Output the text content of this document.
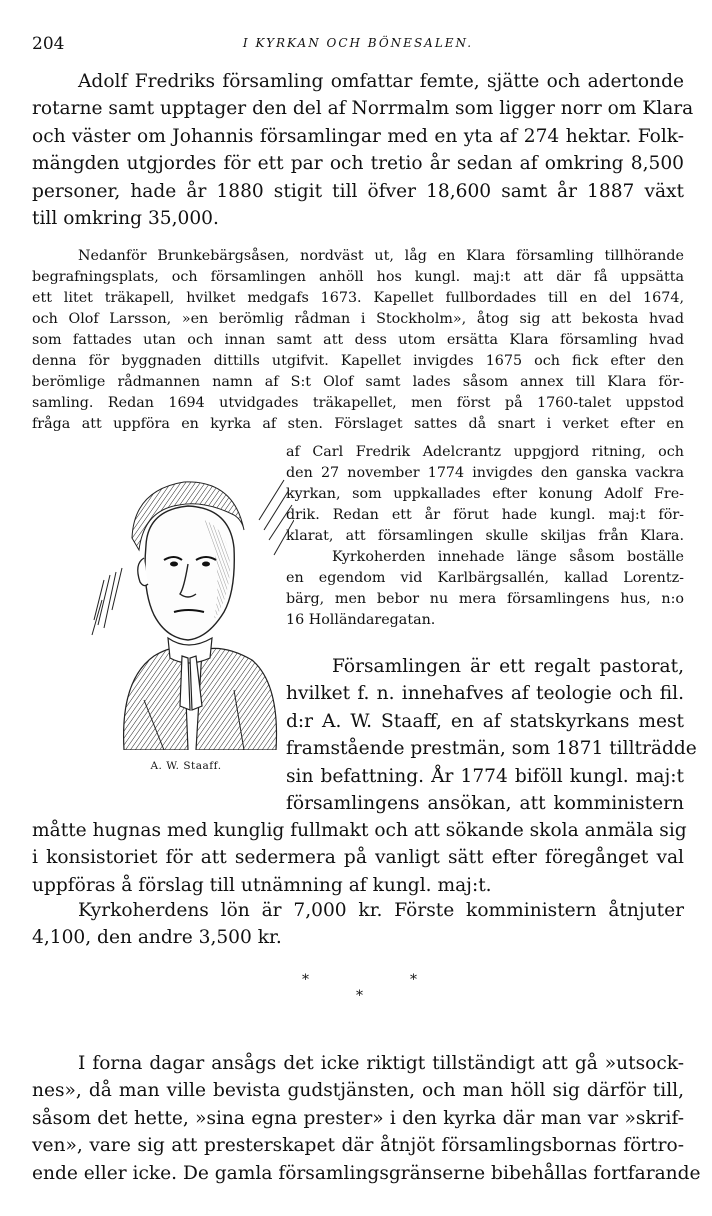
204	I KYRKAN OCH BÖNESALEN.
Adolf Fredriks församling omfattar femte, sjätte och adertonde
rotarne samt upptager den del af Norrmalm som ligger norr om Klara
och väster om Johannis församlingar med en yta af 274 hektar. Folk-
mängden utgjordes för ett par och tretio år sedan af omkring 8,500
personer, hade år 1880 stigit till öfver 18,600 samt år 1887 växt
till omkring 35,000.
Nedanför Brunkebärgsåsen, nordväst ut, låg en Klara församling tillhörande
begrafningsplats, och församlingen anhöll hos kungl. maj:t att där få uppsätta
ett litet träkapell, hvilket medgafs 1673. Kapellet fullbordades till en del 1674,
och Olof Larsson, »en berömlig rådman i Stockholm», åtog sig att bekosta hvad
som fattades utan och innan samt att dess utom ersätta Klara församling hvad
denna för byggnaden dittills utgifvit. Kapellet invigdes 1675 och fick efter den
berömlige rådmannen namn af S:t Olof samt lades såsom annex till Klara för-
samling. Redan 1694 utvidgades träkapellet, men först på 1760-talet uppstod
fråga att uppföra en kyrka af sten. Förslaget sattes då snart i verket efter en
af Carl Fredrik Adelcrantz uppgjord ritning, och
den 27 november 1774 invigdes den ganska vackra
kyrkan, som uppkallades efter konung Adolf Fre-
drik. Redan ett år förut hade kungl. maj:t för-
klarat, att församlingen skulle skiljas från Klara.
Kyrkoherden innehade länge såsom boställe
en egendom vid Karlbärgsallén, kallad Lorentz-
bärg, men bebor nu mera församlingens hus, n:o
16 Holländaregatan.
A. W. Staaff.
Församlingen är ett regalt pastorat,
hvilket f. n. innehafves af teologie och fil.
d:r A. W. Staaff, en af statskyrkans mest
framstående prestmän, som 1871 tillträdde
sin befattning. År 1774 biföll kungl. maj:t
församlingens ansökan, att komministern
måtte hugnas med kunglig fullmakt och att sökande skola anmäla sig
i konsistoriet för att sedermera på vanligt sätt efter föregånget val
uppföras å förslag till utnämning af kungl. maj:t.
Kyrkoherdens lön är 7,000 kr. Förste komministern åtnjuter
4,100, den andre 3,500 kr.
*	*
*
I forna dagar ansågs det icke riktigt tillständigt att gå »utsock-
nes», då man ville bevista gudstjänsten, och man höll sig därför till,
såsom det hette, »sina egna prester» i den kyrka där man var »skrif-
ven», vare sig att presterskapet där åtnjöt församlingsbornas förtro-
ende eller icke. De gamla församlingsgränserne bibehållas fortfarande
